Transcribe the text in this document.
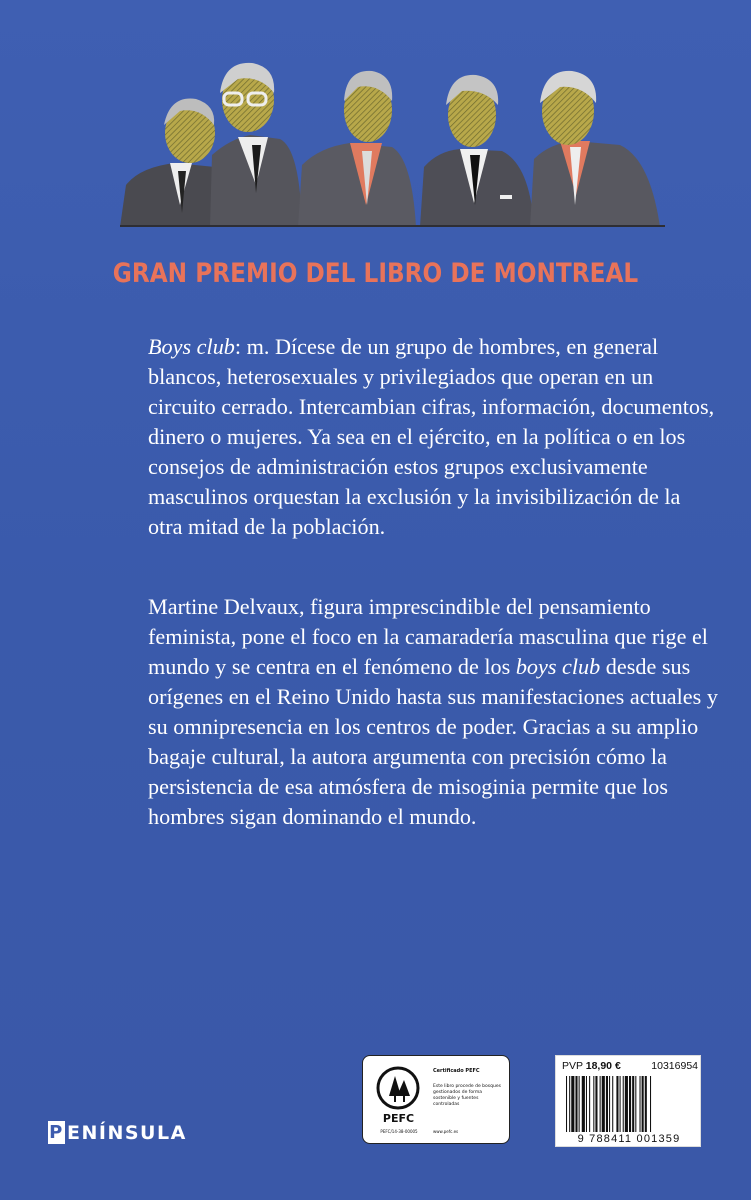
GRAN PREMIO DEL LIBRO DE MONTREAL

Boys club: m. Dícese de un grupo de hombres, en general blancos, heterosexuales y privilegiados que operan en un circuito cerrado. Intercambian cifras, información, documentos, dinero o mujeres. Ya sea en el ejército, en la política o en los consejos de administración estos grupos exclusivamente masculinos orquestan la exclusión y la invisibilización de la otra mitad de la población.

Martine Delvaux, figura imprescindible del pensamiento feminista, pone el foco en la camaradería masculina que rige el mundo y se centra en el fenómeno de los boys club desde sus orígenes en el Reino Unido hasta sus manifestaciones actuales y su omnipresencia en los centros de poder. Gracias a su amplio bagaje cultural, la autora argumenta con precisión cómo la persistencia de esa atmósfera de misoginia permite que los hombres sigan dominando el mundo.

P ENÍNSULA
PEFC
PEFC/14-38-00005
Certificado PEFC
Este libro procede de bosques gestionados de forma sostenible y fuentes controladas
www.pefc.es
PVP 18,90 €	10316954
9 788411 001359
